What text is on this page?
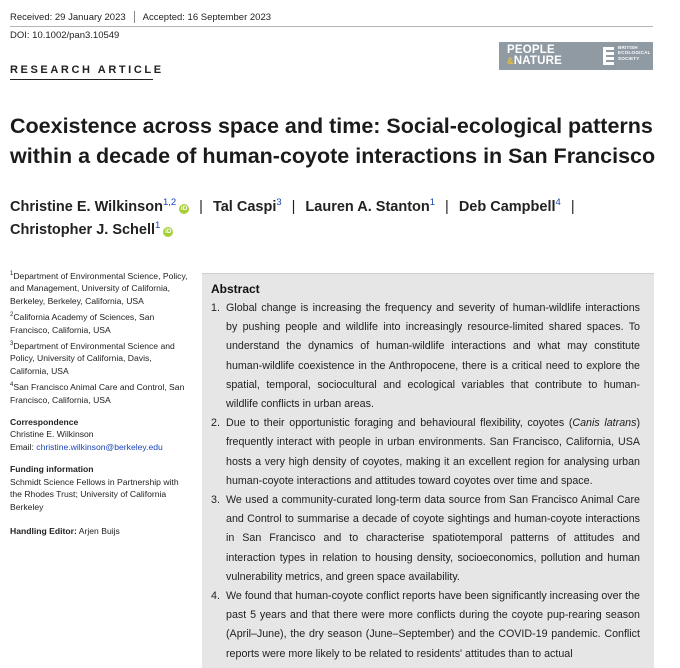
Received: 29 January 2023 Accepted: 16 September 2023
DOI: 10.1002/pan3.10549
PEOPLE
&NATURE
BRITISH
ECOLOGICAL
SOCIETY
RESEARCH ARTICLE
Coexistence across space and time: Social-ecological patterns within a decade of human-coyote interactions in San Francisco
Christine E. Wilkinson$^{1,2}$iD | Tal Caspi$^3$ | Lauren A. Stanton$^1$ | Deb Campbell$^4$ |
Christopher J. Schell$^1$iD
$^1$Department of Environmental Science, Policy, and Management, University of California, Berkeley, Berkeley, California, USA
$^2$California Academy of Sciences, San Francisco, California, USA
$^3$Department of Environmental Science and Policy, University of California, Davis, California, USA
$^4$San Francisco Animal Care and Control, San Francisco, California, USA
Correspondence
Christine E. Wilkinson
Email: christine.wilkinson@berkeley.edu
Funding information
Schmidt Science Fellows in Partnership with the Rhodes Trust; University of California Berkeley
Handling Editor: Arjen Buijs
Abstract
1. Global change is increasing the frequency and severity of human-wildlife interactions by pushing people and wildlife into increasingly resource-limited shared spaces. To understand the dynamics of human-wildlife interactions and what may constitute human-wildlife coexistence in the Anthropocene, there is a critical need to explore the spatial, temporal, sociocultural and ecological variables that contribute to human-wildlife conflicts in urban areas.
2. Due to their opportunistic foraging and behavioural flexibility, coyotes (Canis latrans) frequently interact with people in urban environments. San Francisco, California, USA hosts a very high density of coyotes, making it an excellent region for analysing urban human-coyote interactions and attitudes toward coyotes over time and space.
3. We used a community-curated long-term data source from San Francisco Animal Care and Control to summarise a decade of coyote sightings and human-coyote interactions in San Francisco and to characterise spatiotemporal patterns of attitudes and interaction types in relation to housing density, socioeconomics, pollution and human vulnerability metrics, and green space availability.
4. We found that human-coyote conflict reports have been significantly increasing over the past 5 years and that there were more conflicts during the coyote pup-rearing season (April–June), the dry season (June–September) and the COVID-19 pandemic. Conflict reports were more likely to be related to residents' attitudes than to actual
